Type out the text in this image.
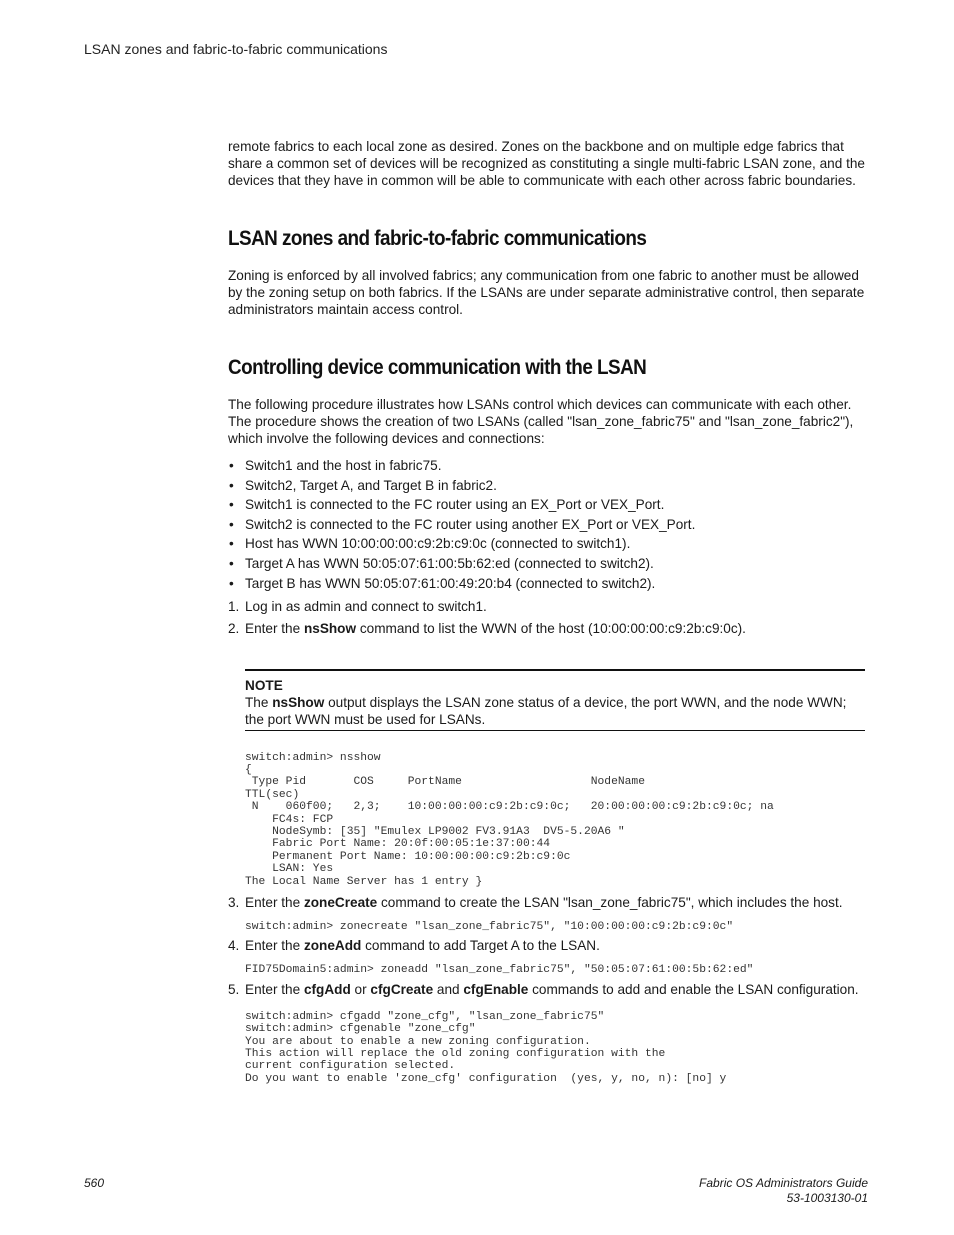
LSAN zones and fabric-to-fabric communications

remote fabrics to each local zone as desired. Zones on the backbone and on multiple edge fabrics that share a common set of devices will be recognized as constituting a single multi-fabric LSAN zone, and the devices that they have in common will be able to communicate with each other across fabric boundaries.

LSAN zones and fabric-to-fabric communications

Zoning is enforced by all involved fabrics; any communication from one fabric to another must be allowed by the zoning setup on both fabrics. If the LSANs are under separate administrative control, then separate administrators maintain access control.

Controlling device communication with the LSAN

The following procedure illustrates how LSANs control which devices can communicate with each other. The procedure shows the creation of two LSANs (called "lsan_zone_fabric75" and "lsan_zone_fabric2"), which involve the following devices and connections:

• Switch1 and the host in fabric75.
• Switch2, Target A, and Target B in fabric2.
• Switch1 is connected to the FC router using an EX_Port or VEX_Port.
• Switch2 is connected to the FC router using another EX_Port or VEX_Port.
• Host has WWN 10:00:00:00:c9:2b:c9:0c (connected to switch1).
• Target A has WWN 50:05:07:61:00:5b:62:ed (connected to switch2).
• Target B has WWN 50:05:07:61:00:49:20:b4 (connected to switch2).
1. Log in as admin and connect to switch1.
2. Enter the nsShow command to list the WWN of the host (10:00:00:00:c9:2b:c9:0c).
NOTE
The nsShow output displays the LSAN zone status of a device, the port WWN, and the node WWN; the port WWN must be used for LSANs.
switch:admin> nsshow
{
Type Pid       COS     PortName                   NodeName
TTL(sec)
N    060f00;   2,3;    10:00:00:00:c9:2b:c9:0c;   20:00:00:00:c9:2b:c9:0c; na
FC4s: FCP
NodeSymb: [35] "Emulex LP9002 FV3.91A3  DV5-5.20A6 "
Fabric Port Name: 20:0f:00:05:1e:37:00:44
Permanent Port Name: 10:00:00:00:c9:2b:c9:0c
LSAN: Yes
The Local Name Server has 1 entry }
3. Enter the zoneCreate command to create the LSAN "lsan_zone_fabric75", which includes the host.
switch:admin> zonecreate "lsan_zone_fabric75", "10:00:00:00:c9:2b:c9:0c"
4. Enter the zoneAdd command to add Target A to the LSAN.
FID75Domain5:admin> zoneadd "lsan_zone_fabric75", "50:05:07:61:00:5b:62:ed"
5. Enter the cfgAdd or cfgCreate and cfgEnable commands to add and enable the LSAN configuration.
switch:admin> cfgadd "zone_cfg", "lsan_zone_fabric75"
switch:admin> cfgenable "zone_cfg"
You are about to enable a new zoning configuration.
This action will replace the old zoning configuration with the
current configuration selected.
Do you want to enable 'zone_cfg' configuration  (yes, y, no, n): [no] y
560	Fabric OS Administrators Guide
53-1003130-01
